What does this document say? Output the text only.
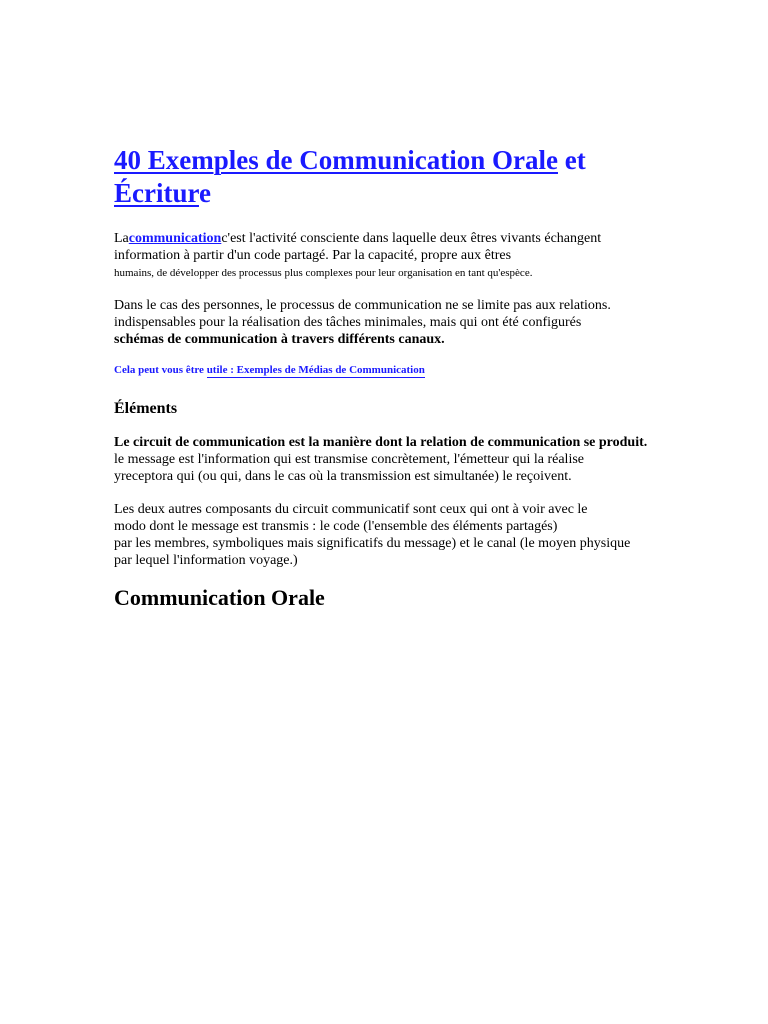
40 Exemples de Communication Orale et Écriture

Lacommunicationc'est l'activité consciente dans laquelle deux êtres vivants échangent
information à partir d'un code partagé. Par la capacité, propre aux êtres
humains, de développer des processus plus complexes pour leur organisation en tant qu'espèce.

Dans le cas des personnes, le processus de communication ne se limite pas aux relations.
indispensables pour la réalisation des tâches minimales, mais qui ont été configurés
schémas de communication à travers différents canaux.

Cela peut vous être utile : Exemples de Médias de Communication
Éléments

Le circuit de communication est la manière dont la relation de communication se produit.
le message est l'information qui est transmise concrètement, l'émetteur qui la réalise
yreceptora qui (ou qui, dans le cas où la transmission est simultanée) le reçoivent.

Les deux autres composants du circuit communicatif sont ceux qui ont à voir avec le
modo dont le message est transmis : le code (l'ensemble des éléments partagés)
par les membres, symboliques mais significatifs du message) et le canal (le moyen physique
par lequel l'information voyage.)

Communication Orale
